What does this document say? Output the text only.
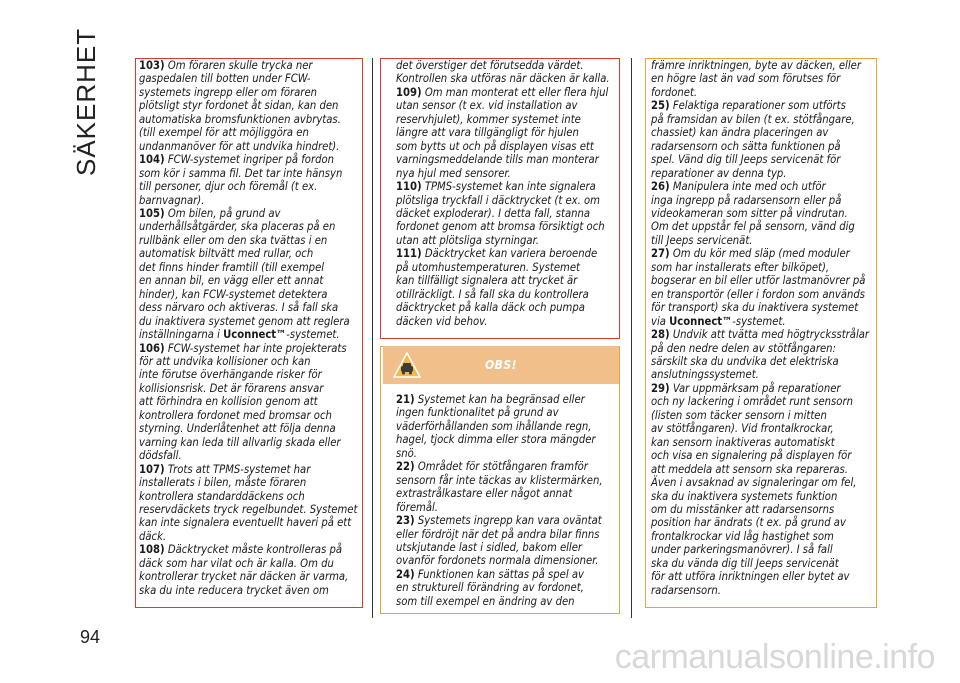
SÄKERHET	103) Om föraren skulle trycka ner
gaspedalen till botten under FCW-
systemets ingrepp eller om föraren
plötsligt styr fordonet åt sidan, kan den
automatiska bromsfunktionen avbrytas.
(till exempel för att möjliggöra en
undanmanöver för att undvika hindret).

104) FCW-systemet ingriper på fordon
som kör i samma fil. Det tar inte hänsyn
till personer, djur och föremål (t ex.
barnvagnar).

105) Om bilen, på grund av
underhållsåtgärder, ska placeras på en
rullbänk eller om den ska tvättas i en
automatisk biltvätt med rullar, och
det finns hinder framtill (till exempel
en annan bil, en vägg eller ett annat
hinder), kan FCW-systemet detektera
dess närvaro och aktiveras. I så fall ska
du inaktivera systemet genom att reglera
inställningarna i Uconnect™-systemet.

106) FCW-systemet har inte projekterats
för att undvika kollisioner och kan
inte förutse överhängande risker för
kollisionsrisk. Det är förarens ansvar
att förhindra en kollision genom att
kontrollera fordonet med bromsar och
styrning. Underlåtenhet att följa denna
varning kan leda till allvarlig skada eller
dödsfall.

107) Trots att TPMS-systemet har
installerats i bilen, måste föraren
kontrollera standarddäckens och
reservdäckets tryck regelbundet. Systemet
kan inte signalera eventuellt haveri på ett
däck.

108) Däcktrycket måste kontrolleras på
däck som har vilat och är kalla. Om du
kontrollerar trycket när däcken är varma,
ska du inte reducera trycket även om

det överstiger det förutsedda värdet.
Kontrollen ska utföras när däcken är kalla.

109) Om man monterat ett eller flera hjul
utan sensor (t ex. vid installation av
reservhjulet), kommer systemet inte
längre att vara tillgängligt för hjulen
som bytts ut och på displayen visas ett
varningsmeddelande tills man monterar
nya hjul med sensorer.

110) TPMS-systemet kan inte signalera
plötsliga tryckfall i däcktrycket (t ex. om
däcket exploderar). I detta fall, stanna
fordonet genom att bromsa försiktigt och
utan att plötsliga styrningar.

111) Däcktrycket kan variera beroende
på utomhustemperaturen. Systemet
kan tillfälligt signalera att trycket är
otillräckligt. I så fall ska du kontrollera
däcktrycket på kalla däck och pumpa
däcken vid behov.

OBS!

21) Systemet kan ha begränsad eller
ingen funktionalitet på grund av
väderförhållanden som ihållande regn,
hagel, tjock dimma eller stora mängder
snö.

22) Området för stötfångaren framför
sensorn får inte täckas av klistermärken,
extrastrålkastare eller något annat
föremål.

23) Systemets ingrepp kan vara oväntat
eller fördröjt när det på andra bilar finns
utskjutande last i sidled, bakom eller
ovanför fordonets normala dimensioner.

24) Funktionen kan sättas på spel av
en strukturell förändring av fordonet,
som till exempel en ändring av den

främre inriktningen, byte av däcken, eller
en högre last än vad som förutses för
fordonet.

25) Felaktiga reparationer som utförts
på framsidan av bilen (t ex. stötfångare,
chassiet) kan ändra placeringen av
radarsensorn och sätta funktionen på
spel. Vänd dig till Jeeps servicenät för
reparationer av denna typ.

26) Manipulera inte med och utför
inga ingrepp på radarsensorn eller på
videokameran som sitter på vindrutan.
Om det uppstår fel på sensorn, vänd dig
till Jeeps servicenät.

27) Om du kör med släp (med moduler
som har installerats efter bilköpet),
bogserar en bil eller utför lastmanövrer på
en transportör (eller i fordon som används
för transport) ska du inaktivera systemet
via Uconnect™-systemet.

28) Undvik att tvätta med högtrycksstrålar
på den nedre delen av stötfångaren:
särskilt ska du undvika det elektriska
anslutningssystemet.

29) Var uppmärksam på reparationer
och ny lackering i området runt sensorn
(listen som täcker sensorn i mitten
av stötfångaren). Vid frontalkrockar,
kan sensorn inaktiveras automatiskt
och visa en signalering på displayen för
att meddela att sensorn ska repareras.
Även i avsaknad av signaleringar om fel,
ska du inaktivera systemets funktion
om du misstänker att radarsensorns
position har ändrats (t ex. på grund av
frontalkrockar vid låg hastighet som
under parkeringsmanövrer). I så fall
ska du vända dig till Jeeps servicenät
för att utföra inriktningen eller bytet av
radarsensorn.

94
carmanualsonline.info
